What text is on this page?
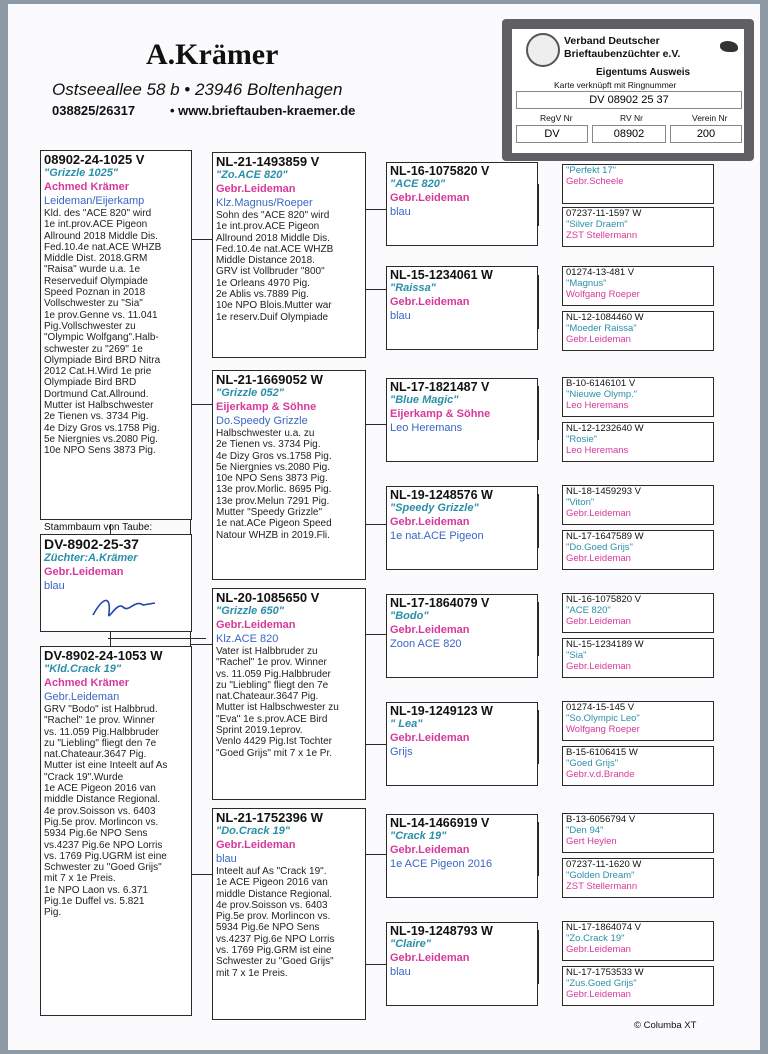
A.Krämer
Ostseeallee 58 b • 23946 Boltenhagen
038825/26317	• www.brieftauben-kraemer.de
Verband Deutscher
Brieftaubenzüchter e.V.
Eigentums Ausweis
Karte verknüpft mit Ringnummer
DV 08902 25 37
RegV Nr	RV Nr	Verein Nr
DV	08902	200
08902-24-1025 V
"Grizzle 1025"
Achmed Krämer
Leideman/Eijerkamp
Kld. des "ACE 820" wird
1e int.prov.ACE Pigeon
Allround 2018 Middle Dis.
Fed.10.4e nat.ACE WHZB
Middle Dist. 2018.GRM
"Raisa" wurde u.a. 1e
Reserveduif Olympiade
Speed Poznan in 2018
Vollschwester zu "Sia"
1e prov.Genne vs. 11.041
Pig.Vollschwester zu
"Olympic Wolfgang".Halb-
schwester zu "269" 1e
Olympiade Bird BRD Nitra
2012 Cat.H.Wird 1e prie
Olympiade Bird BRD
Dortmund Cat.Allround.
Mutter ist Halbschwester
2e Tienen vs. 3734 Pig.
4e Dizy Gros vs.1758 Pig.
5e Niergnies vs.2080 Pig.
10e NPO Sens 3873 Pig.
Stammbaum von Taube:
DV-8902-25-37
Züchter:A.Krämer
Gebr.Leideman
blau
DV-8902-24-1053 W
"Kld.Crack 19"
Achmed Krämer
Gebr.Leideman
GRV "Bodo" ist Halbbrud.
"Rachel" 1e prov. Winner
vs. 11.059 Pig.Halbbruder
zu "Liebling" fliegt den 7e
nat.Chateaur.3647 Pig.
Mutter ist eine Inteelt auf As
"Crack 19".Wurde
1e ACE Pigeon 2016 van
middle Distance Regional.
4e prov.Soisson vs. 6403
Pig.5e prov. Morlincon vs.
5934 Pig.6e NPO Sens
vs.4237 Pig.6e NPO Lorris
vs. 1769 Pig.UGRM ist eine
Schwester zu "Goed Grijs"
mit 7 x 1e Preis.
1e NPO Laon vs. 6.371
Pig.1e Duffel vs. 5.821
Pig.
NL-21-1493859 V
"Zo.ACE 820"
Gebr.Leideman
Klz.Magnus/Roeper
Sohn des "ACE 820" wird
1e int.prov.ACE Pigeon
Allround 2018 Middle Dis.
Fed.10.4e nat.ACE WHZB
Middle Distance 2018.
GRV ist Vollbruder "800"
1e Orleans 4970 Pig.
2e Ablis vs.7889 Pig.
10e NPO Blois.Mutter war
1e reserv.Duif Olympiade
NL-21-1669052 W
"Grizzle 052"
Eijerkamp & Söhne
Do.Speedy Grizzle
Halbschwester u.a. zu
2e Tienen vs. 3734 Pig.
4e Dizy Gros vs.1758 Pig.
5e Niergnies vs.2080 Pig.
10e NPO Sens 3873 Pig.
13e prov.Morlic. 8695 Pig.
13e prov.Melun 7291 Pig.
Mutter "Speedy Grizzle"
1e nat.ACe Pigeon Speed
Natour WHZB in 2019.Fli.
NL-20-1085650 V
"Grizzle 650"
Gebr.Leideman
Klz.ACE 820
Vater ist Halbbruder zu
"Rachel" 1e prov. Winner
vs. 11.059 Pig.Halbbruder
zu "Liebling" fliegt den 7e
nat.Chateaur.3647 Pig.
Mutter ist Halbschwester zu
"Eva" 1e s.prov.ACE Bird
Sprint 2019.1eprov.
Venlo 4429 Pig.Ist Tochter
"Goed Grijs" mit 7 x 1e Pr.
NL-21-1752396 W
"Do.Crack 19"
Gebr.Leideman
blau
Inteelt auf As "Crack 19".
1e ACE Pigeon 2016 van
middle Distance Regional.
4e prov.Soisson vs. 6403
Pig.5e prov. Morlincon vs.
5934 Pig.6e NPO Sens
vs.4237 Pig.6e NPO Lorris
vs. 1769 Pig.GRM ist eine
Schwester zu "Goed Grijs"
mit 7 x 1e Preis.
NL-16-1075820 V
"ACE 820"
Gebr.Leideman
blau
NL-15-1234061 W
"Raissa"
Gebr.Leideman
blau
NL-17-1821487 V
"Blue Magic"
Eijerkamp & Söhne
Leo Heremans
NL-19-1248576 W
"Speedy Grizzle"
Gebr.Leideman
1e nat.ACE Pigeon
NL-17-1864079 V
"Bodo"
Gebr.Leideman
Zoon ACE 820
NL-19-1249123 W
" Lea"
Gebr.Leideman
Grijs
NL-14-1466919 V
"Crack 19"
Gebr.Leideman
1e ACE Pigeon 2016
NL-19-1248793 W
"Claire"
Gebr.Leideman
blau
"Perfekt 17"
Gebr.Scheele
07237-11-1597 W
"Silver Draem"
ZST Stellermann
01274-13-481 V
"Magnus"
Wolfgang Roeper
NL-12-1084460 W
"Moeder Raissa"
Gebr.Leideman
B-10-6146101 V
"Nieuwe Olymp."
Leo Heremans
NL-12-1232640 W
"Rosie"
Leo Heremans
NL-18-1459293 V
"Viton"
Gebr.Leideman
NL-17-1647589 W
"Do.Goed Grijs"
Gebr.Leideman
NL-16-1075820 V
"ACE 820"
Gebr.Leideman
NL-15-1234189 W
"Sia"
Gebr.Leideman
01274-15-145 V
"So.Olympic Leo"
Wolfgang Roeper
B-15-6106415 W
"Goed Grijs"
Gebr.v.d.Brande
B-13-6056794 V
"Den 94"
Gert Heylen
07237-11-1620 W
"Golden Dream"
ZST Stellermann
NL-17-1864074 V
"Zo.Crack 19"
Gebr.Leideman
NL-17-1753533 W
"Zus.Goed Grijs"
Gebr.Leideman
© Columba XT
